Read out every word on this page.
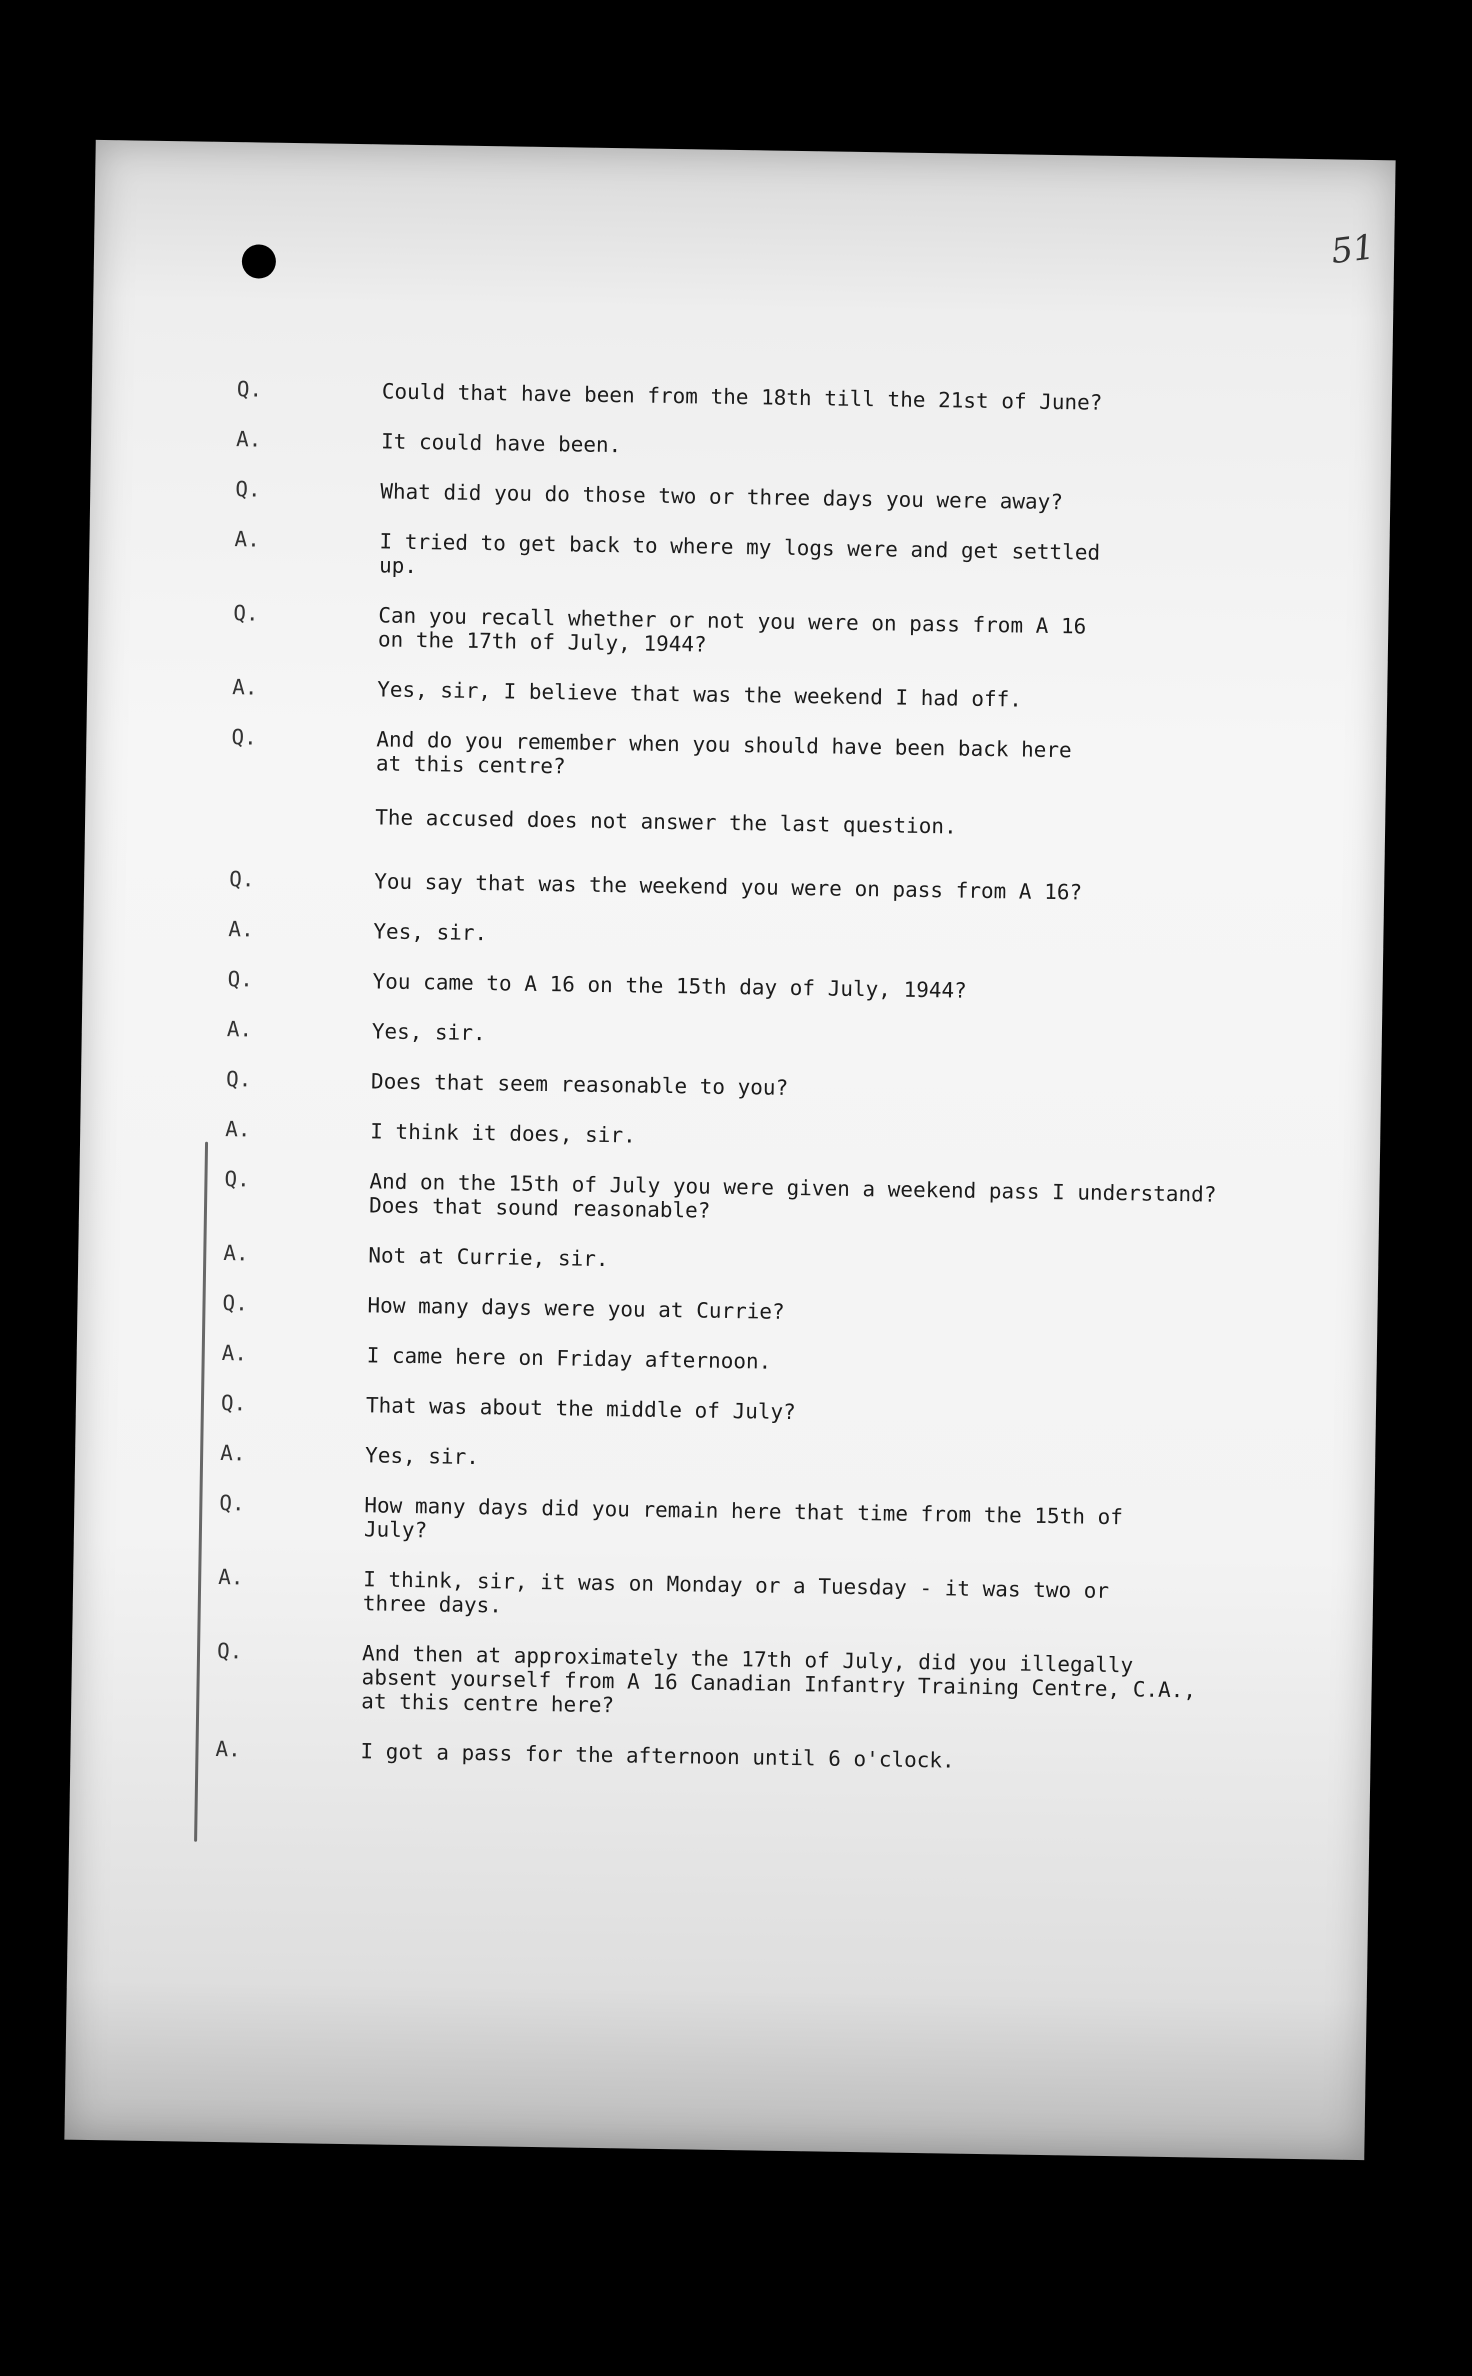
51
Q.	Could that have been from the 18th till the 21st of June?
A.	It could have been.
Q.	What did you do those two or three days you were away?
A.	I tried to get back to where my logs were and get settled
up.
Q.	Can you recall whether or not you were on pass from A 16
on the 17th of July, 1944?
A.	Yes, sir, I believe that was the weekend I had off.
Q.	And do you remember when you should have been back here
at this centre?
The accused does not answer the last question.
Q.	You say that was the weekend you were on pass from A 16?
A.	Yes, sir.
Q.	You came to A 16 on the 15th day of July, 1944?
A.	Yes, sir.
Q.	Does that seem reasonable to you?
A.	I think it does, sir.
Q.	And on the 15th of July you were given a weekend pass I understand?
Does that sound reasonable?
A.	Not at Currie, sir.
Q.	How many days were you at Currie?
A.	I came here on Friday afternoon.
Q.	That was about the middle of July?
A.	Yes, sir.
Q.	How many days did you remain here that time from the 15th of
July?
A.	I think, sir, it was on Monday or a Tuesday - it was two or
three days.
Q.	And then at approximately the 17th of July, did you illegally
absent yourself from A 16 Canadian Infantry Training Centre, C.A.,
at this centre here?
A.	I got a pass for the afternoon until 6 o'clock.
